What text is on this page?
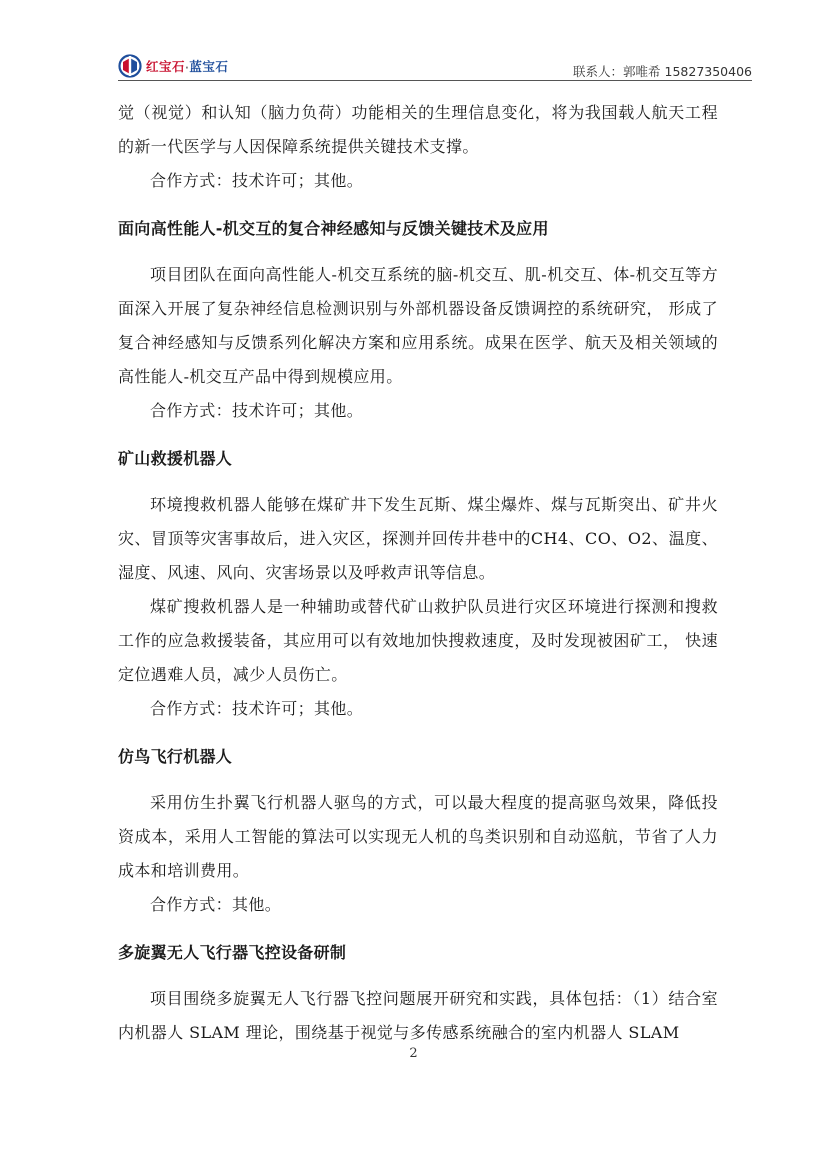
红宝石·蓝宝石	联系人：郭唯希 15827350406

觉（视觉）和认知（脑力负荷）功能相关的生理信息变化，将为我国载人航天工程的新一代医学与人因保障系统提供关键技术支撑。

合作方式：技术许可；其他。

面向高性能人-机交互的复合神经感知与反馈关键技术及应用

项目团队在面向高性能人-机交互系统的脑-机交互、肌-机交互、体-机交互等方面深入开展了复杂神经信息检测识别与外部机器设备反馈调控的系统研究， 形成了复合神经感知与反馈系列化解决方案和应用系统。成果在医学、航天及相关领域的高性能人-机交互产品中得到规模应用。

合作方式：技术许可；其他。

矿山救援机器人

环境搜救机器人能够在煤矿井下发生瓦斯、煤尘爆炸、煤与瓦斯突出、矿井火灾、冒顶等灾害事故后，进入灾区，探测并回传井巷中的CH4、CO、O2、温度、湿度、风速、风向、灾害场景以及呼救声讯等信息。

煤矿搜救机器人是一种辅助或替代矿山救护队员进行灾区环境进行探测和搜救工作的应急救援装备，其应用可以有效地加快搜救速度，及时发现被困矿工， 快速定位遇难人员，减少人员伤亡。

合作方式：技术许可；其他。

仿鸟飞行机器人

采用仿生扑翼飞行机器人驱鸟的方式，可以最大程度的提高驱鸟效果，降低投资成本，采用人工智能的算法可以实现无人机的鸟类识别和自动巡航，节省了人力成本和培训费用。

合作方式：其他。

多旋翼无人飞行器飞控设备研制

项目围绕多旋翼无人飞行器飞控问题展开研究和实践，具体包括：（1）结合室内机器人 SLAM 理论，围绕基于视觉与多传感系统融合的室内机器人 SLAM

2
